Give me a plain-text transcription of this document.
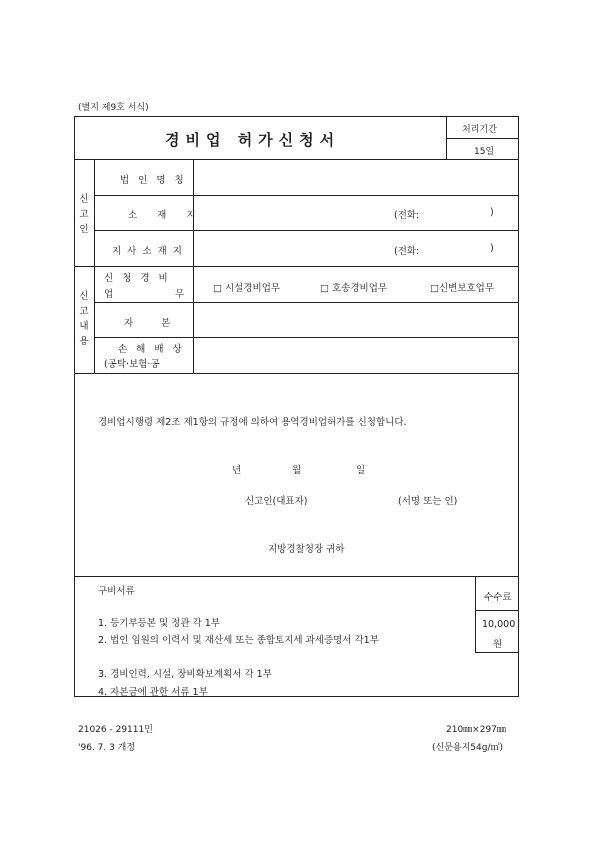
(별지 제9호 서식)
경비업 허가신청서
처리기간
15일
신
고
인
법인명칭
소재지	(전화:	)
지사소재지	(전화:	)
신
고
내
용
신청경비
업무
□ 시설경비업무	□ 호송경비업무	□신변보호업무
자본
손해배상
(공탁·보험·공
경비업시행령 제2조 제1항의 규정에 의하여 용역경비업허가를 신청합니다.
년	월	일
신고인(대표자)	(서명 또는 인)
지방경찰청장 귀하
구비서류
1. 등기부등본 및 정관 각 1부
2. 법인 임원의 이력서 및 재산세 또는 종합토지세 과세증명서 각1부
3. 경비인력, 시설, 장비확보계획서 각 1부
4. 자본금에 관한 서류 1부
수수료
10,000
원
21026 - 29111민
'96. 7. 3 개정
210㎜×297㎜
(신문용지54g/㎡)
